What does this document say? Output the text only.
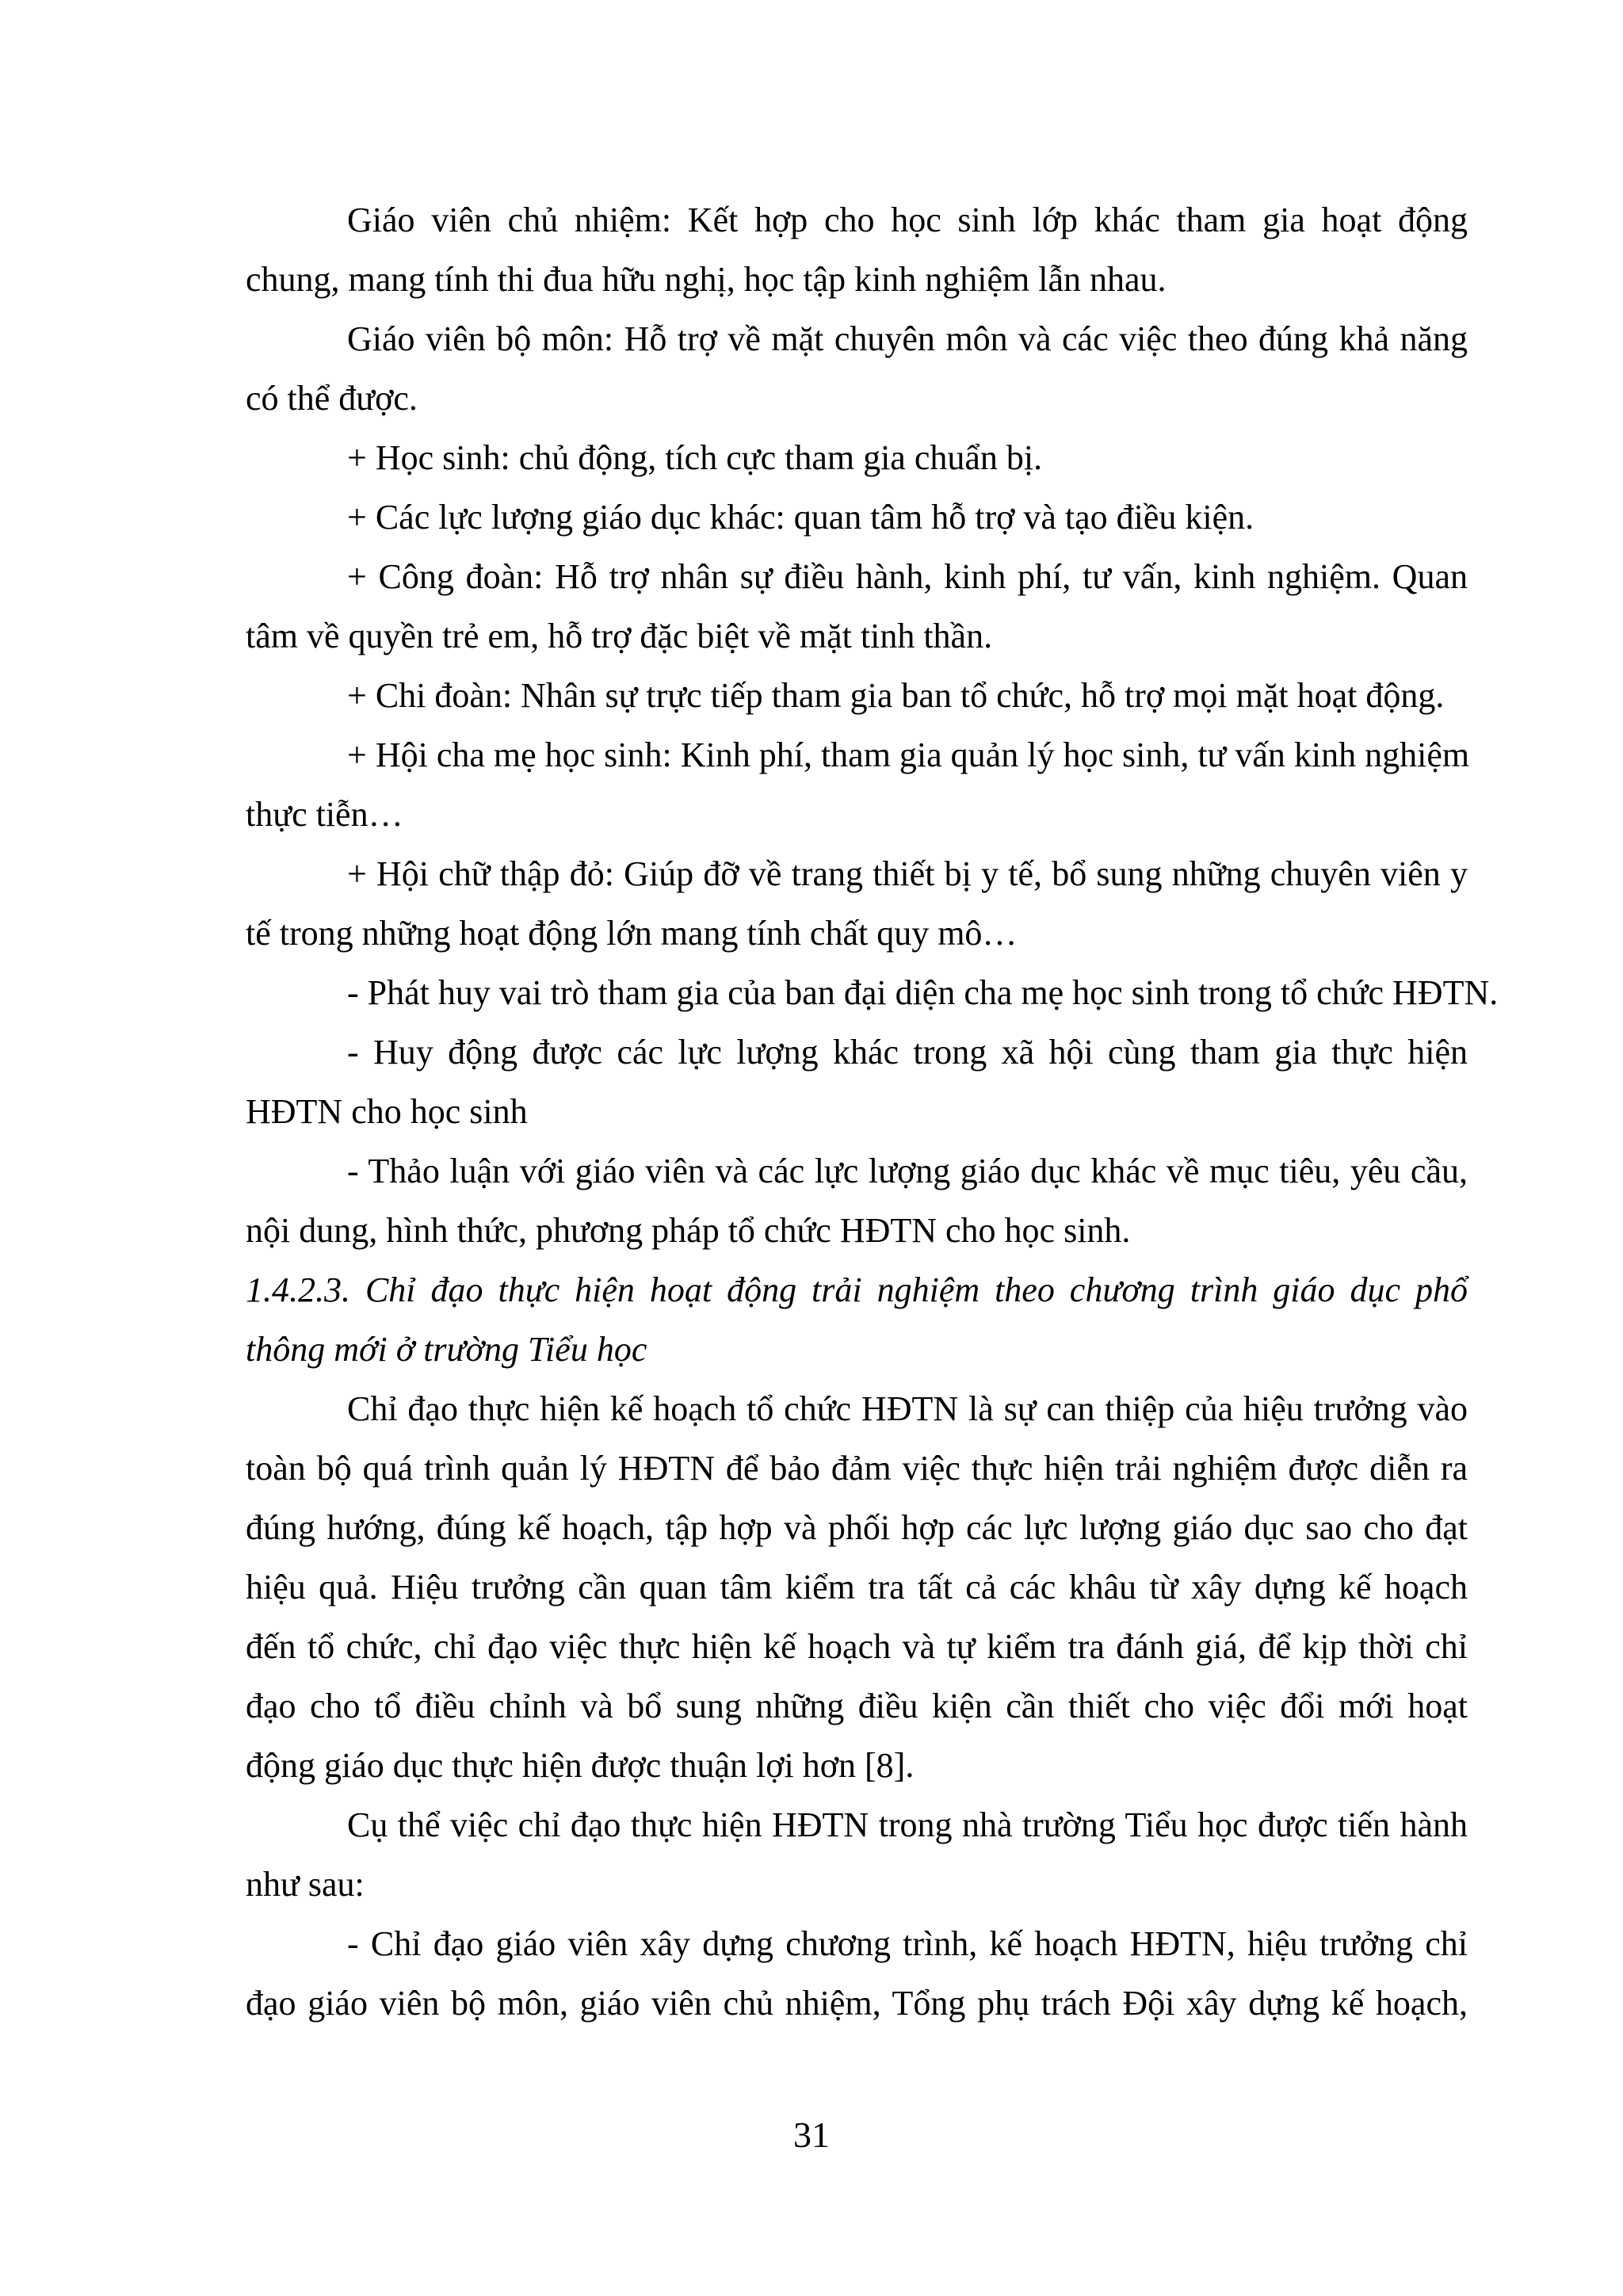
Giáo viên chủ nhiệm: Kết hợp cho học sinh lớp khác tham gia hoạt động
chung, mang tính thi đua hữu nghị, học tập kinh nghiệm lẫn nhau.
Giáo viên bộ môn: Hỗ trợ về mặt chuyên môn và các việc theo đúng khả năng
có thể được.
+ Học sinh: chủ động, tích cực tham gia chuẩn bị.
+ Các lực lượng giáo dục khác: quan tâm hỗ trợ và tạo điều kiện.
+ Công đoàn: Hỗ trợ nhân sự điều hành, kinh phí, tư vấn, kinh nghiệm. Quan
tâm về quyền trẻ em, hỗ trợ đặc biệt về mặt tinh thần.
+ Chi đoàn: Nhân sự trực tiếp tham gia ban tổ chức, hỗ trợ mọi mặt hoạt động.
+ Hội cha mẹ học sinh: Kinh phí, tham gia quản lý học sinh, tư vấn kinh nghiệm
thực tiễn…
+ Hội chữ thập đỏ: Giúp đỡ về trang thiết bị y tế, bổ sung những chuyên viên y
tế trong những hoạt động lớn mang tính chất quy mô…
- Phát huy vai trò tham gia của ban đại diện cha mẹ học sinh trong tổ chức HĐTN.
- Huy động được các lực lượng khác trong xã hội cùng tham gia thực hiện
HĐTN cho học sinh
- Thảo luận với giáo viên và các lực lượng giáo dục khác về mục tiêu, yêu cầu,
nội dung, hình thức, phương pháp tổ chức HĐTN cho học sinh.
1.4.2.3. Chỉ đạo thực hiện hoạt động trải nghiệm theo chương trình giáo dục phổ
thông mới ở trường Tiểu học
Chỉ đạo thực hiện kế hoạch tổ chức HĐTN là sự can thiệp của hiệu trưởng vào
toàn bộ quá trình quản lý HĐTN để bảo đảm việc thực hiện trải nghiệm được diễn ra
đúng hướng, đúng kế hoạch, tập hợp và phối hợp các lực lượng giáo dục sao cho đạt
hiệu quả. Hiệu trưởng cần quan tâm kiểm tra tất cả các khâu từ xây dựng kế hoạch
đến tổ chức, chỉ đạo việc thực hiện kế hoạch và tự kiểm tra đánh giá, để kịp thời chỉ
đạo cho tổ điều chỉnh và bổ sung những điều kiện cần thiết cho việc đổi mới hoạt
động giáo dục thực hiện được thuận lợi hơn [8].
Cụ thể việc chỉ đạo thực hiện HĐTN trong nhà trường Tiểu học được tiến hành
như sau:
- Chỉ đạo giáo viên xây dựng chương trình, kế hoạch HĐTN, hiệu trưởng chỉ
đạo giáo viên bộ môn, giáo viên chủ nhiệm, Tổng phụ trách Đội xây dựng kế hoạch,
31
